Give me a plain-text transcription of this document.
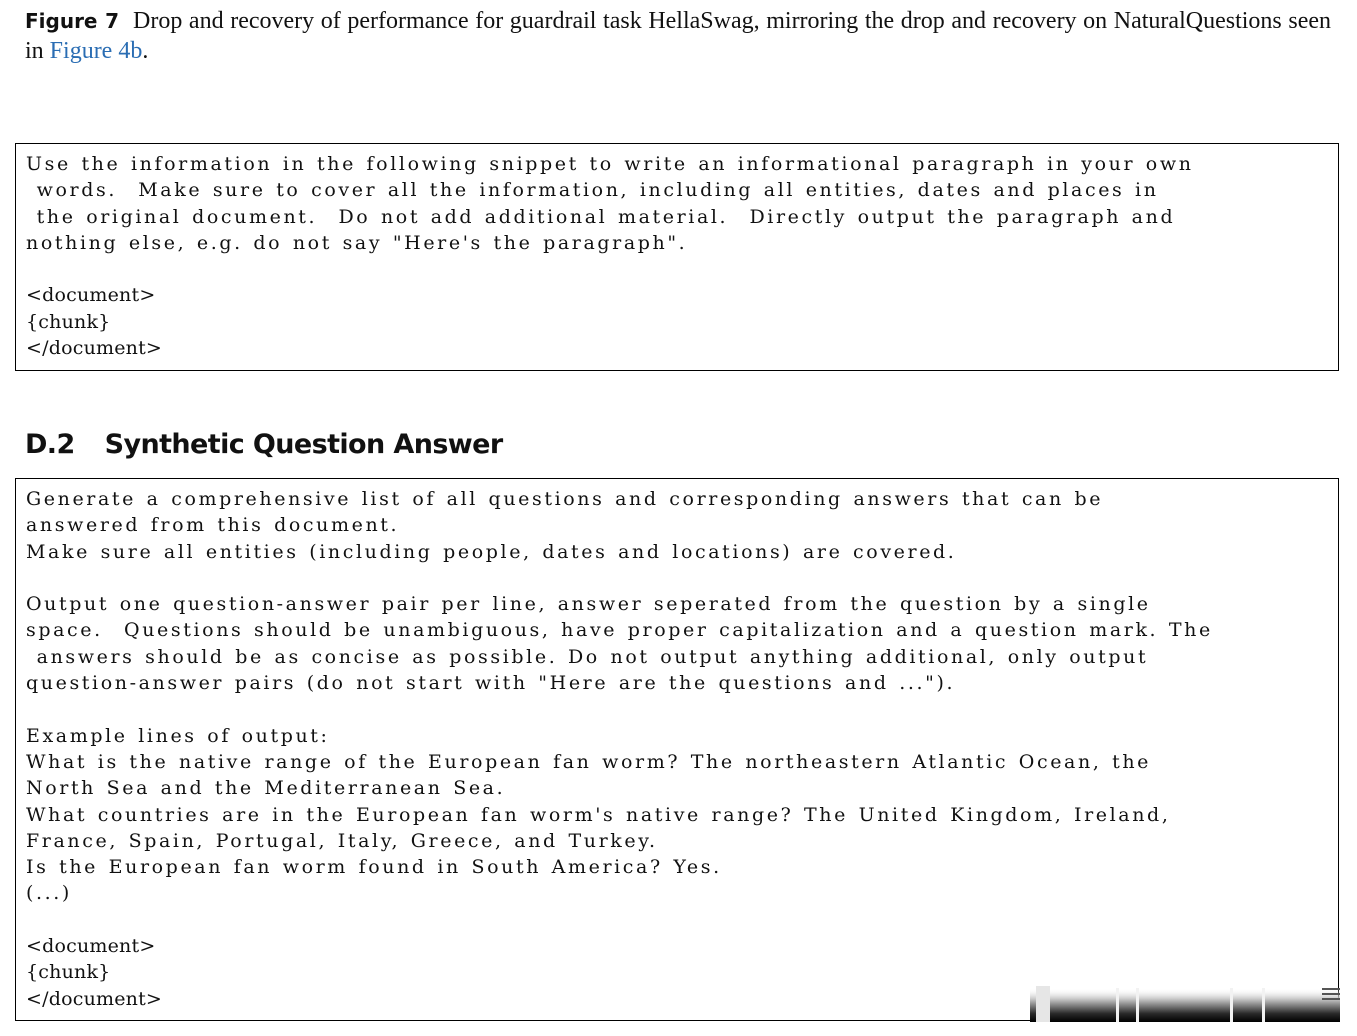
Figure 7 Drop and recovery of performance for guardrail task HellaSwag, mirroring the drop and recovery on NaturalQuestions seen in Figure 4b.
Use the information in the following snippet to write an informational paragraph in your own
words.  Make sure to cover all the information, including all entities, dates and places in
the original document.  Do not add additional material.  Directly output the paragraph and
nothing else, e.g. do not say "Here's the paragraph".

<document>
{chunk}
</document>
D.2 Synthetic Question Answer
Generate a comprehensive list of all questions and corresponding answers that can be
answered from this document.
Make sure all entities (including people, dates and locations) are covered.

Output one question-answer pair per line, answer seperated from the question by a single
space.  Questions should be unambiguous, have proper capitalization and a question mark. The
answers should be as concise as possible. Do not output anything additional, only output
question-answer pairs (do not start with "Here are the questions and ...").

Example lines of output:
What is the native range of the European fan worm? The northeastern Atlantic Ocean, the
North Sea and the Mediterranean Sea.
What countries are in the European fan worm's native range? The United Kingdom, Ireland,
France, Spain, Portugal, Italy, Greece, and Turkey.
Is the European fan worm found in South America? Yes.
(...)

<document>
{chunk}
</document>
